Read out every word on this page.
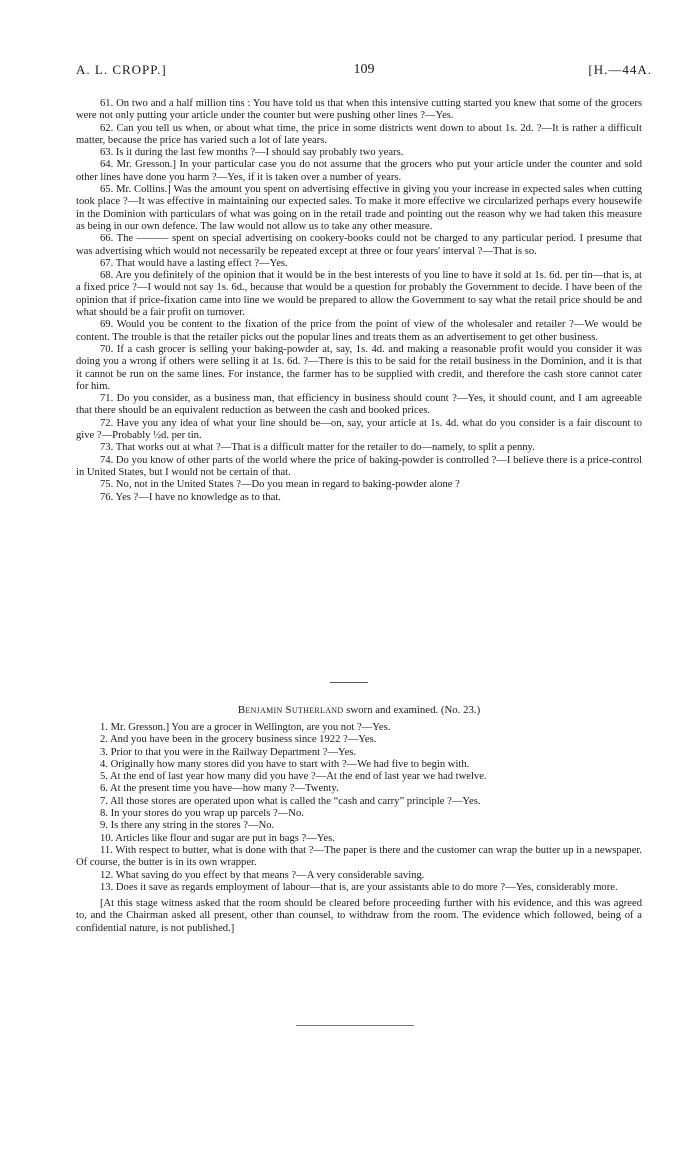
109
A. L. CROPP.]	[H.—44A.

61. On two and a half million tins : You have told us that when this intensive cutting started you knew that some of the grocers were not only putting your article under the counter but were pushing other lines ?—Yes.

62. Can you tell us when, or about what time, the price in some districts went down to about 1s. 2d. ?—It is rather a difficult matter, because the price has varied such a lot of late years.

63. Is it during the last few months ?—I should say probably two years.

64. Mr. Gresson.] In your particular case you do not assume that the grocers who put your article under the counter and sold other lines have done you harm ?—Yes, if it is taken over a number of years.

65. Mr. Collins.] Was the amount you spent on advertising effective in giving you your increase in expected sales when cutting took place ?—It was effective in maintaining our expected sales. To make it more effective we circularized perhaps every housewife in the Dominion with particulars of what was going on in the retail trade and pointing out the reason why we had taken this measure as being in our own defence. The law would not allow us to take any other measure.

66. The ——— spent on special advertising on cookery-books could not be charged to any particular period. I presume that was advertising which would not necessarily be repeated except at three or four years' interval ?—That is so.

67. That would have a lasting effect ?—Yes.

68. Are you definitely of the opinion that it would be in the best interests of you line to have it sold at 1s. 6d. per tin—that is, at a fixed price ?—I would not say 1s. 6d., because that would be a question for probably the Government to decide. I have been of the opinion that if price-fixation came into line we would be prepared to allow the Government to say what the retail price should be and what should be a fair profit on turnover.

69. Would you be content to the fixation of the price from the point of view of the wholesaler and retailer ?—We would be content. The trouble is that the retailer picks out the popular lines and treats them as an advertisement to get other business.

70. If a cash grocer is selling your baking-powder at, say, 1s. 4d. and making a reasonable profit would you consider it was doing you a wrong if others were selling it at 1s. 6d. ?—There is this to be said for the retail business in the Dominion, and it is that it cannot be run on the same lines. For instance, the farmer has to be supplied with credit, and therefore the cash store cannot cater for him.

71. Do you consider, as a business man, that efficiency in business should count ?—Yes, it should count, and I am agreeable that there should be an equivalent reduction as between the cash and booked prices.

72. Have you any idea of what your line should be—on, say, your article at 1s. 4d. what do you consider is a fair discount to give ?—Probably ½d. per tin.

73. That works out at what ?—That is a difficult matter for the retailer to do—namely, to split a penny.

74. Do you know of other parts of the world where the price of baking-powder is controlled ?—I believe there is a price-control in United States, but I would not be certain of that.

75. No, not in the United States ?—Do you mean in regard to baking-powder alone ?

76. Yes ?—I have no knowledge as to that.

Benjamin Sutherland sworn and examined. (No. 23.)

1. Mr. Gresson.] You are a grocer in Wellington, are you not ?—Yes.

2. And you have been in the grocery business since 1922 ?—Yes.

3. Prior to that you were in the Railway Department ?—Yes.

4. Originally how many stores did you have to start with ?—We had five to begin with.

5. At the end of last year how many did you have ?—At the end of last year we had twelve.

6. At the present time you have—how many ?—Twenty.

7. All those stores are operated upon what is called the “cash and carry” principle ?—Yes.

8. In your stores do you wrap up parcels ?—No.

9. Is there any string in the stores ?—No.

10. Articles like flour and sugar are put in bags ?—Yes.

11. With respect to butter, what is done with that ?—The paper is there and the customer can wrap the butter up in a newspaper. Of course, the butter is in its own wrapper.

12. What saving do you effect by that means ?—A very considerable saving.

13. Does it save as regards employment of labour—that is, are your assistants able to do more ?—Yes, considerably more.

[At this stage witness asked that the room should be cleared before proceeding further with his evidence, and this was agreed to, and the Chairman asked all present, other than counsel, to withdraw from the room. The evidence which followed, being of a confidential nature, is not published.]
